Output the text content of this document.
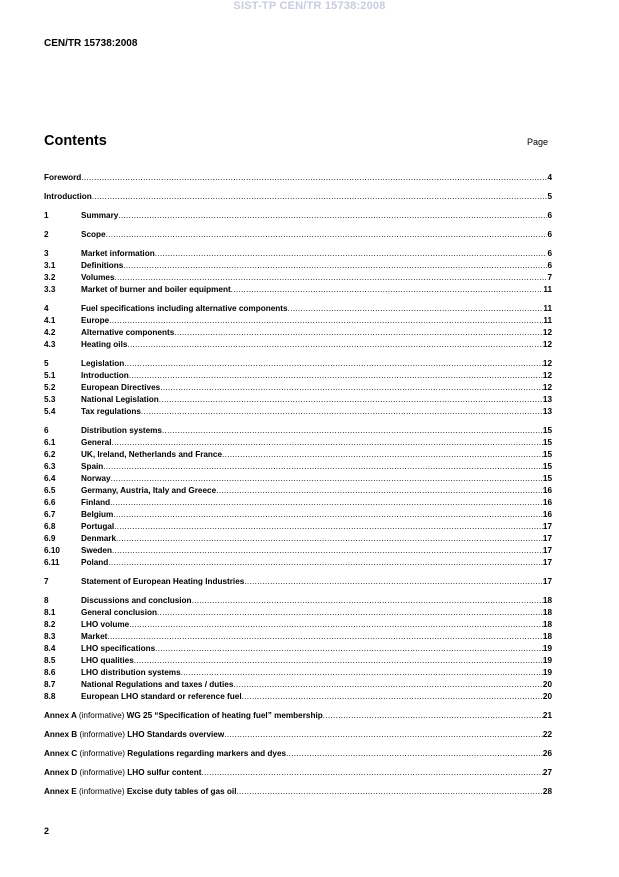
SIST-TP CEN/TR 15738:2008
CEN/TR 15738:2008
Contents	Page
Foreword .....	4
Introduction .....	5
1	Summary .....	6
2	Scope .....	6
3	Market information .....	6
3.1	Definitions .....	6
3.2	Volumes .....	7
3.3	Market of burner and boiler equipment .....	11
4	Fuel specifications including alternative components .....	11
4.1	Europe .....	11
4.2	Alternative components .....	12
4.3	Heating oils .....	12
5	Legislation .....	12
5.1	Introduction .....	12
5.2	European Directives .....	12
5.3	National Legislation .....	13
5.4	Tax regulations .....	13
6	Distribution systems .....	15
6.1	General .....	15
6.2	UK, Ireland, Netherlands and France .....	15
6.3	Spain .....	15
6.4	Norway .....	15
6.5	Germany, Austria, Italy and Greece .....	16
6.6	Finland .....	16
6.7	Belgium .....	16
6.8	Portugal .....	17
6.9	Denmark .....	17
6.10	Sweden .....	17
6.11	Poland .....	17
7	Statement of European Heating Industries .....	17
8	Discussions and conclusion .....	18
8.1	General conclusion .....	18
8.2	LHO volume .....	18
8.3	Market .....	18
8.4	LHO specifications .....	19
8.5	LHO qualities .....	19
8.6	LHO distribution systems .....	19
8.7	National Regulations and taxes / duties .....	20
8.8	European LHO standard or reference fuel .....	20
Annex A (informative) WG 25 “Specification of heating fuel” membership .....	21
Annex B (informative) LHO Standards overview .....	22
Annex C (informative) Regulations regarding markers and dyes .....	26
Annex D (informative) LHO sulfur content .....	27
Annex E (informative) Excise duty tables of gas oil .....	28
2
